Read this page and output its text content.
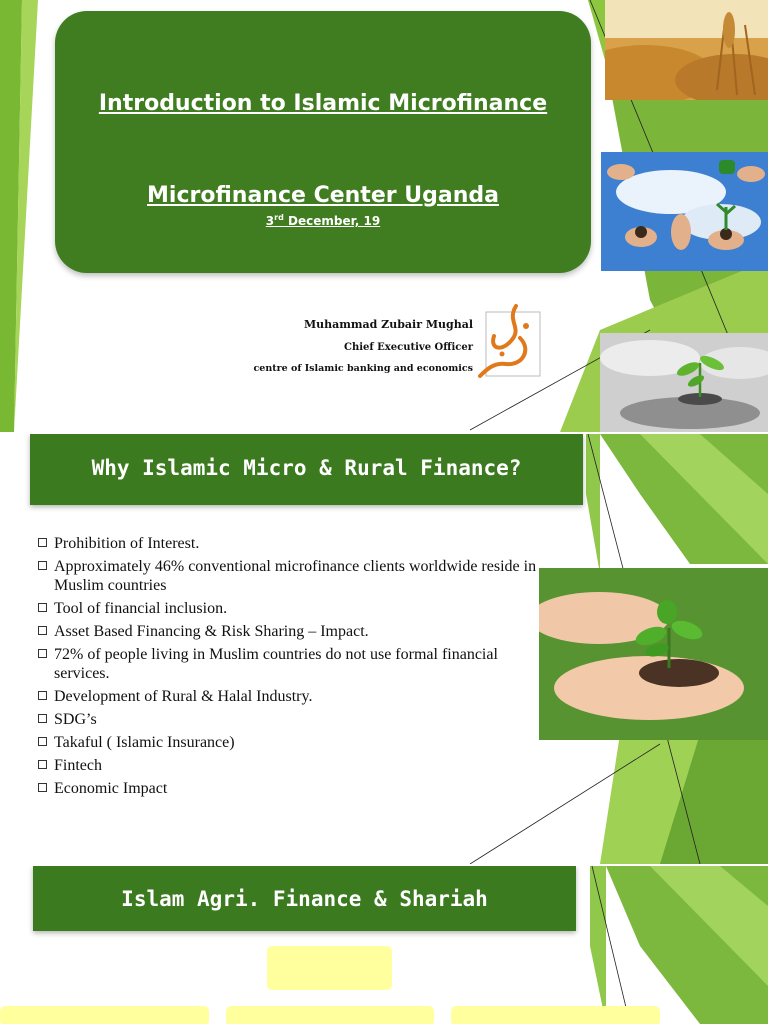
Introduction to Islamic Microfinance
Microfinance Center Uganda
3rd December, 19
Muhammad Zubair Mughal
Chief Executive Officer
centre of Islamic banking and economics
Why Islamic Micro & Rural Finance?
Prohibition of Interest.
Approximately 46% conventional microfinance clients worldwide reside in Muslim countries
Tool of financial inclusion.
Asset Based Financing & Risk Sharing – Impact.
72% of people living in Muslim countries do not use formal financial services.
Development of Rural & Halal Industry.
SDG’s
Takaful ( Islamic Insurance)
Fintech
Economic Impact
Islam Agri. Finance & Shariah
